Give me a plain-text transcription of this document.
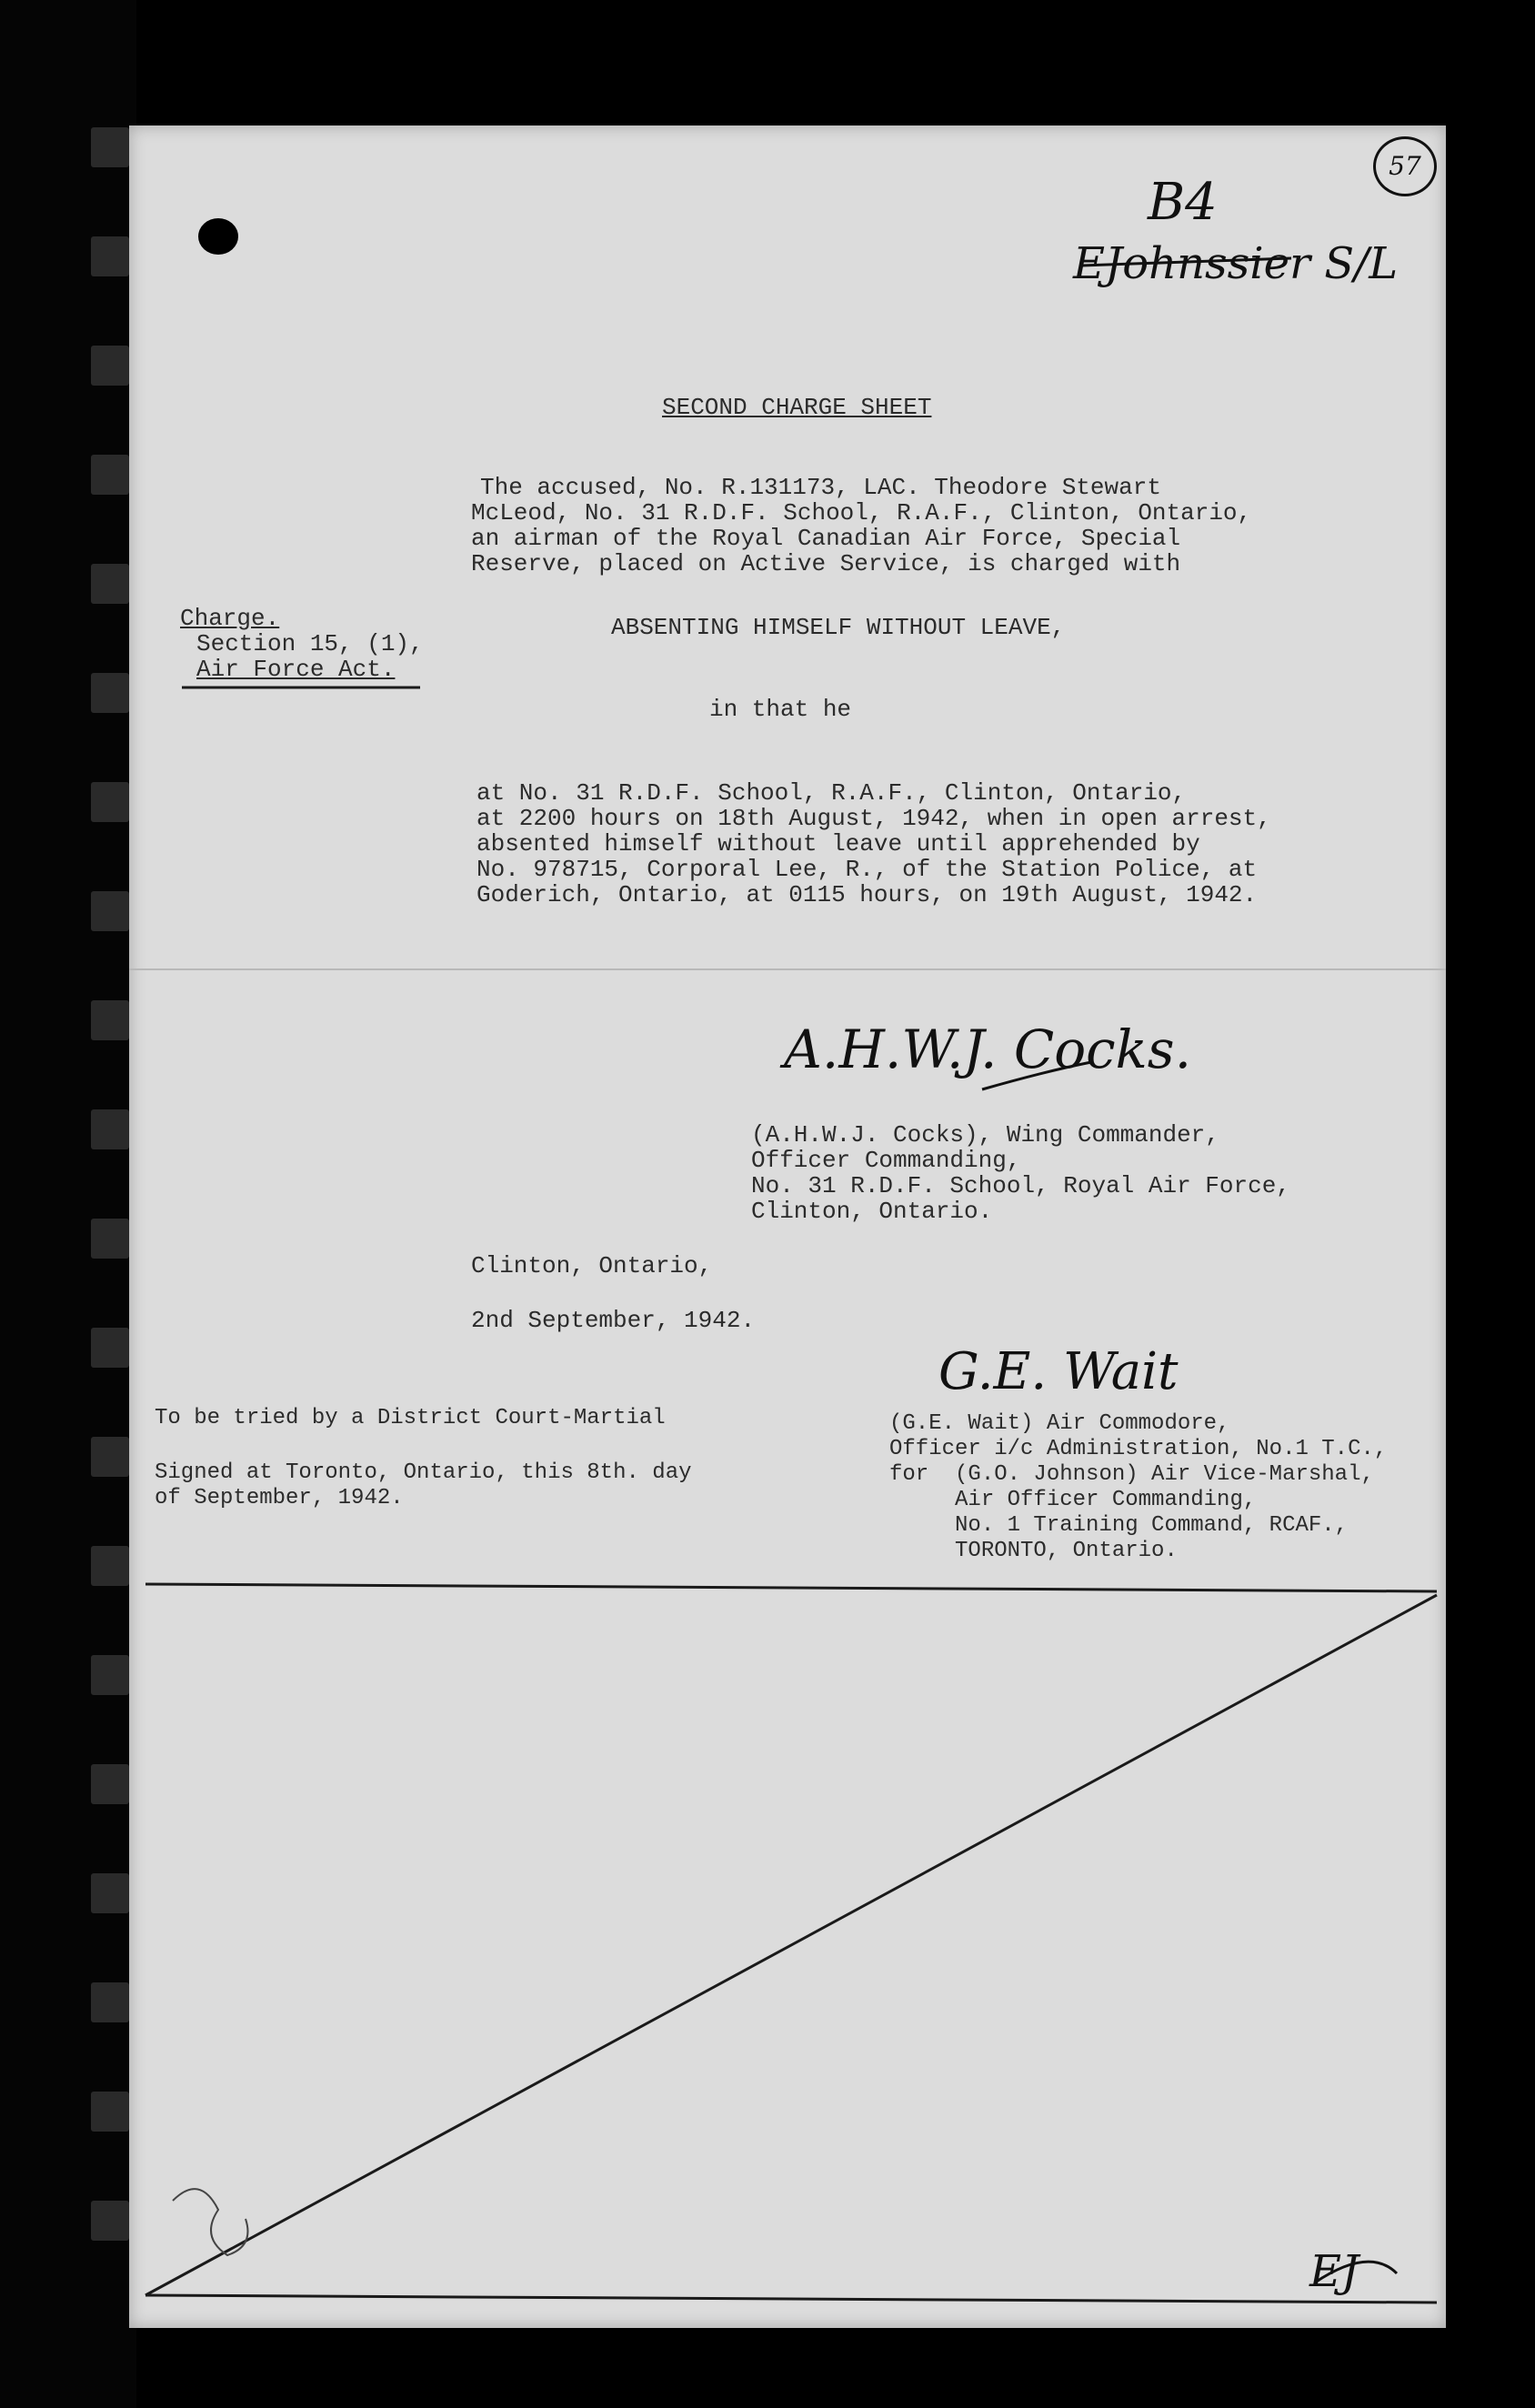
57
B4
EJohnssier S/L
SECOND CHARGE SHEET
The accused, No. R.131173, LAC. Theodore Stewart
McLeod, No. 31 R.D.F. School, R.A.F., Clinton, Ontario,
an airman of the Royal Canadian Air Force, Special
Reserve, placed on Active Service, is charged with
Charge.
Section 15, (1),
Air Force Act.
ABSENTING HIMSELF WITHOUT LEAVE,
in that he
at No. 31 R.D.F. School, R.A.F., Clinton, Ontario,
at 2200 hours on 18th August, 1942, when in open arrest,
absented himself without leave until apprehended by
No. 978715, Corporal Lee, R., of the Station Police, at
Goderich, Ontario, at 0115 hours, on 19th August, 1942.
A.H.W.J. Cocks.
(A.H.W.J. Cocks), Wing Commander,
Officer Commanding,
No. 31 R.D.F. School, Royal Air Force,
Clinton, Ontario.
Clinton, Ontario,
2nd September, 1942.
G.E. Wait
(G.E. Wait) Air Commodore,
Officer i/c Administration, No.1 T.C.,
for  (G.O. Johnson) Air Vice-Marshal,
Air Officer Commanding,
No. 1 Training Command, RCAF.,
TORONTO, Ontario.
To be tried by a District Court-Martial
Signed at Toronto, Ontario, this 8th. day
of September, 1942.
EJ
